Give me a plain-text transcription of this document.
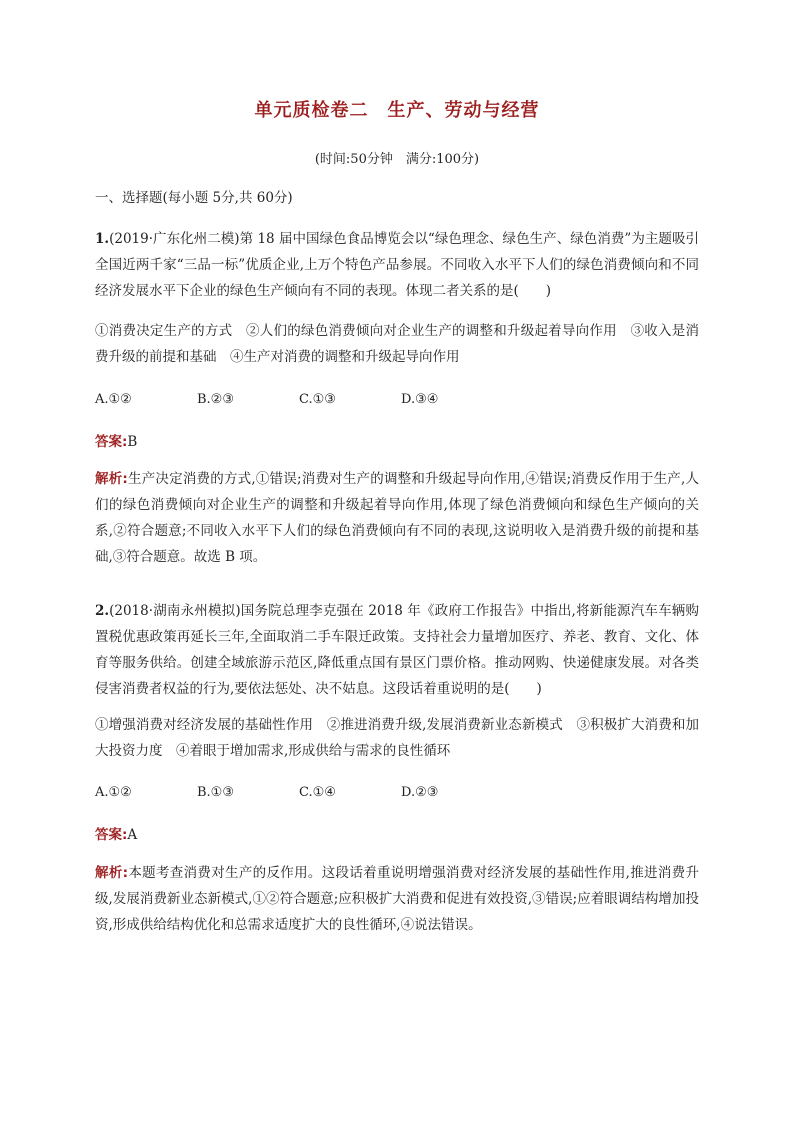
单元质检卷二　生产、劳动与经营
(时间:50分钟　满分:100分)
一、选择题(每小题 5分,共 60分)
1.(2019·广东化州二模)第 18 届中国绿色食品博览会以“绿色理念、绿色生产、绿色消费”为主题吸引全国近两千家“三品一标”优质企业,上万个特色产品参展。不同收入水平下人们的绿色消费倾向和不同经济发展水平下企业的绿色生产倾向有不同的表现。体现二者关系的是(　　)
①消费决定生产的方式　②人们的绿色消费倾向对企业生产的调整和升级起着导向作用　③收入是消费升级的前提和基础　④生产对消费的调整和升级起导向作用
A.①②	B.②③	C.①③	D.③④
答案:B
解析:生产决定消费的方式,①错误;消费对生产的调整和升级起导向作用,④错误;消费反作用于生产,人们的绿色消费倾向对企业生产的调整和升级起着导向作用,体现了绿色消费倾向和绿色生产倾向的关系,②符合题意;不同收入水平下人们的绿色消费倾向有不同的表现,这说明收入是消费升级的前提和基础,③符合题意。故选 B 项。
2.(2018·湖南永州模拟)国务院总理李克强在 2018 年《政府工作报告》中指出,将新能源汽车车辆购置税优惠政策再延长三年,全面取消二手车限迁政策。支持社会力量增加医疗、养老、教育、文化、体育等服务供给。创建全域旅游示范区,降低重点国有景区门票价格。推动网购、快递健康发展。对各类侵害消费者权益的行为,要依法惩处、决不姑息。这段话着重说明的是(　　)
①增强消费对经济发展的基础性作用　②推进消费升级,发展消费新业态新模式　③积极扩大消费和加大投资力度　④着眼于增加需求,形成供给与需求的良性循环
A.①②	B.①③	C.①④	D.②③
答案:A
解析:本题考查消费对生产的反作用。这段话着重说明增强消费对经济发展的基础性作用,推进消费升级,发展消费新业态新模式,①②符合题意;应积极扩大消费和促进有效投资,③错误;应着眼调结构增加投资,形成供给结构优化和总需求适度扩大的良性循环,④说法错误。
